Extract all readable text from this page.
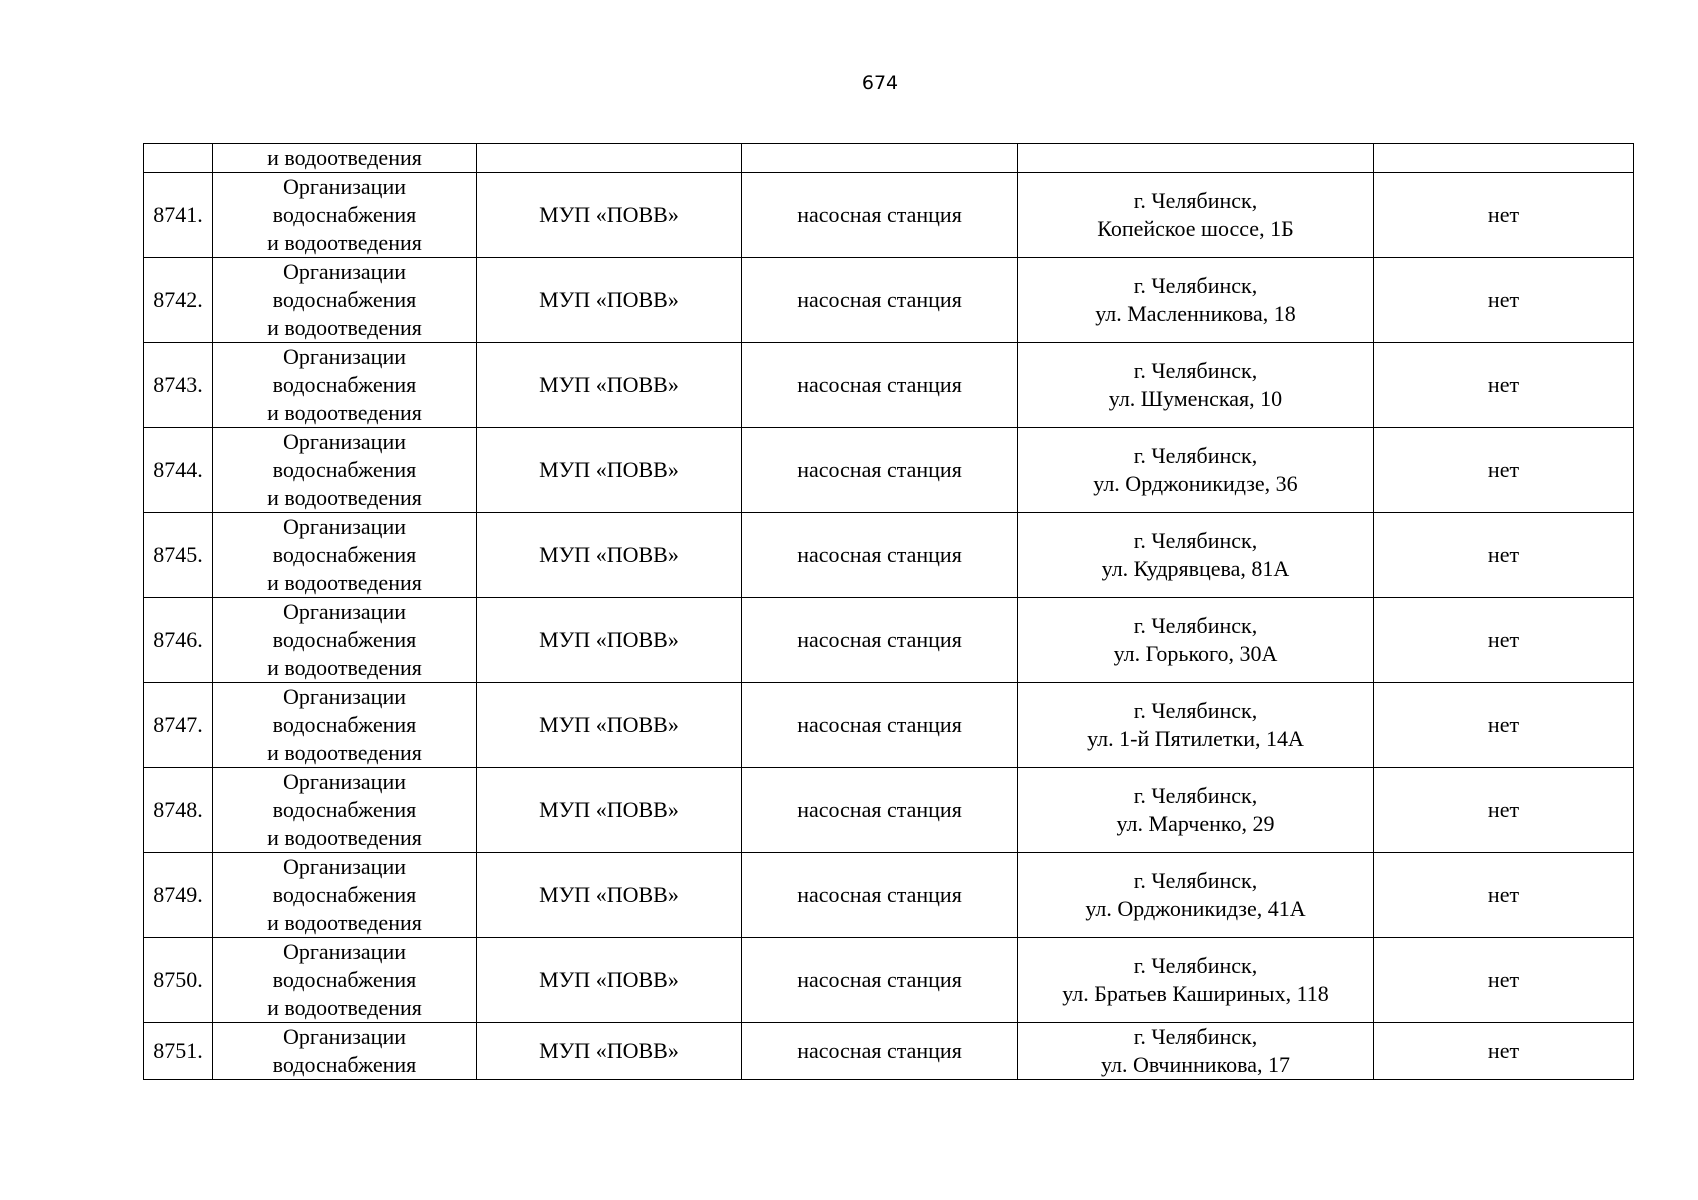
674

	и водоотведения				

8741.	Организации
водоснабжения
и водоотведения	МУП «ПОВВ»	насосная станция	г. Челябинск,
Копейское шоссе, 1Б	нет
8742.	Организации
водоснабжения
и водоотведения	МУП «ПОВВ»	насосная станция	г. Челябинск,
ул. Масленникова, 18	нет
8743.	Организации
водоснабжения
и водоотведения	МУП «ПОВВ»	насосная станция	г. Челябинск,
ул. Шуменская, 10	нет
8744.	Организации
водоснабжения
и водоотведения	МУП «ПОВВ»	насосная станция	г. Челябинск,
ул. Орджоникидзе, 36	нет
8745.	Организации
водоснабжения
и водоотведения	МУП «ПОВВ»	насосная станция	г. Челябинск,
ул. Кудрявцева, 81А	нет
8746.	Организации
водоснабжения
и водоотведения	МУП «ПОВВ»	насосная станция	г. Челябинск,
ул. Горького, 30А	нет
8747.	Организации
водоснабжения
и водоотведения	МУП «ПОВВ»	насосная станция	г. Челябинск,
ул. 1-й Пятилетки, 14А	нет
8748.	Организации
водоснабжения
и водоотведения	МУП «ПОВВ»	насосная станция	г. Челябинск,
ул. Марченко, 29	нет
8749.	Организации
водоснабжения
и водоотведения	МУП «ПОВВ»	насосная станция	г. Челябинск,
ул. Орджоникидзе, 41А	нет
8750.	Организации
водоснабжения
и водоотведения	МУП «ПОВВ»	насосная станция	г. Челябинск,
ул. Братьев Кашириных, 118	нет
8751.	Организации
водоснабжения	МУП «ПОВВ»	насосная станция	г. Челябинск,
ул. Овчинникова, 17	нет
